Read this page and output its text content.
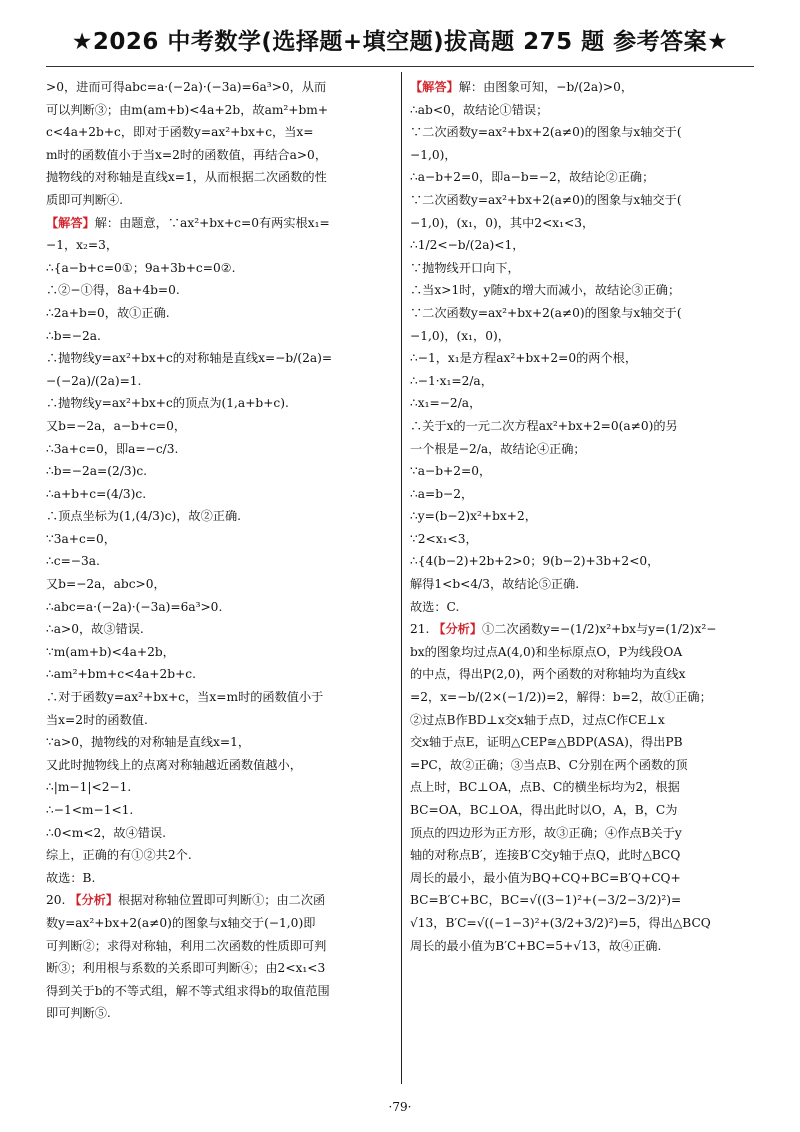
★2026 中考数学(选择题+填空题)拔高题 275 题 参考答案★
>0，进而可得abc=a·(−2a)·(−3a)=6a³>0，从而
可以判断③；由m(am+b)<4a+2b，故am²+bm+
c<4a+2b+c，即对于函数y=ax²+bx+c，当x=
m时的函数值小于当x=2时的函数值，再结合a>0，
抛物线的对称轴是直线x=1，从而根据二次函数的性
质即可判断④.
【解答】解：由题意，∵ax²+bx+c=0有两实根x₁=
−1，x₂=3，
∴{a−b+c=0①；9a+3b+c=0②.
∴②−①得，8a+4b=0.
∴2a+b=0，故①正确.
∴b=−2a.
∴抛物线y=ax²+bx+c的对称轴是直线x=−b/(2a)=
−(−2a)/(2a)=1.
∴抛物线y=ax²+bx+c的顶点为(1,a+b+c).
又b=−2a，a−b+c=0，
∴3a+c=0，即a=−c/3.
∴b=−2a=(2/3)c.
∴a+b+c=(4/3)c.
∴顶点坐标为(1,(4/3)c)，故②正确.
∵3a+c=0，
∴c=−3a.
又b=−2a，abc>0，
∴abc=a·(−2a)·(−3a)=6a³>0.
∴a>0，故③错误.
∵m(am+b)<4a+2b，
∴am²+bm+c<4a+2b+c.
∴对于函数y=ax²+bx+c，当x=m时的函数值小于
当x=2时的函数值.
∵a>0，抛物线的对称轴是直线x=1，
又此时抛物线上的点离对称轴越近函数值越小，
∴|m−1|<2−1.
∴−1<m−1<1.
∴0<m<2，故④错误.
综上，正确的有①②共2个.
故选：B.
20. 【分析】根据对称轴位置即可判断①；由二次函
数y=ax²+bx+2(a≠0)的图象与x轴交于(−1,0)即
可判断②；求得对称轴，利用二次函数的性质即可判
断③；利用根与系数的关系即可判断④；由2<x₁<3
得到关于b的不等式组，解不等式组求得b的取值范围
即可判断⑤.
【解答】解：由图象可知，−b/(2a)>0，
∴ab<0，故结论①错误；
∵二次函数y=ax²+bx+2(a≠0)的图象与x轴交于(
−1,0)，
∴a−b+2=0，即a−b=−2，故结论②正确；
∵二次函数y=ax²+bx+2(a≠0)的图象与x轴交于(
−1,0)，(x₁，0)，其中2<x₁<3，
∴1/2<−b/(2a)<1，
∵抛物线开口向下，
∴当x>1时，y随x的增大而减小，故结论③正确；
∵二次函数y=ax²+bx+2(a≠0)的图象与x轴交于(
−1,0)，(x₁，0)，
∴−1，x₁是方程ax²+bx+2=0的两个根，
∴−1·x₁=2/a，
∴x₁=−2/a，
∴关于x的一元二次方程ax²+bx+2=0(a≠0)的另
一个根是−2/a，故结论④正确；
∵a−b+2=0，
∴a=b−2，
∴y=(b−2)x²+bx+2，
∵2<x₁<3，
∴{4(b−2)+2b+2>0；9(b−2)+3b+2<0，
解得1<b<4/3，故结论⑤正确.
故选：C.
21. 【分析】①二次函数y=−(1/2)x²+bx与y=(1/2)x²−
bx的图象均过点A(4,0)和坐标原点O，P为线段OA
的中点，得出P(2,0)，两个函数的对称轴均为直线x
=2，x=−b/(2×(−1/2))=2，解得：b=2，故①正确；
②过点B作BD⊥x交x轴于点D，过点C作CE⊥x
交x轴于点E，证明△CEP≅△BDP(ASA)，得出PB
=PC，故②正确；③当点B、C分别在两个函数的顶
点上时，BC⊥OA，点B、C的横坐标均为2，根据
BC=OA，BC⊥OA，得出此时以O，A，B，C为
顶点的四边形为正方形，故③正确；④作点B关于y
轴的对称点B′，连接B′C交y轴于点Q，此时△BCQ
周长的最小，最小值为BQ+CQ+BC=B′Q+CQ+
BC=B′C+BC，BC=√((3−1)²+(−3/2−3/2)²)=
√13，B′C=√((−1−3)²+(3/2+3/2)²)=5，得出△BCQ
周长的最小值为B′C+BC=5+√13，故④正确.
·79·
